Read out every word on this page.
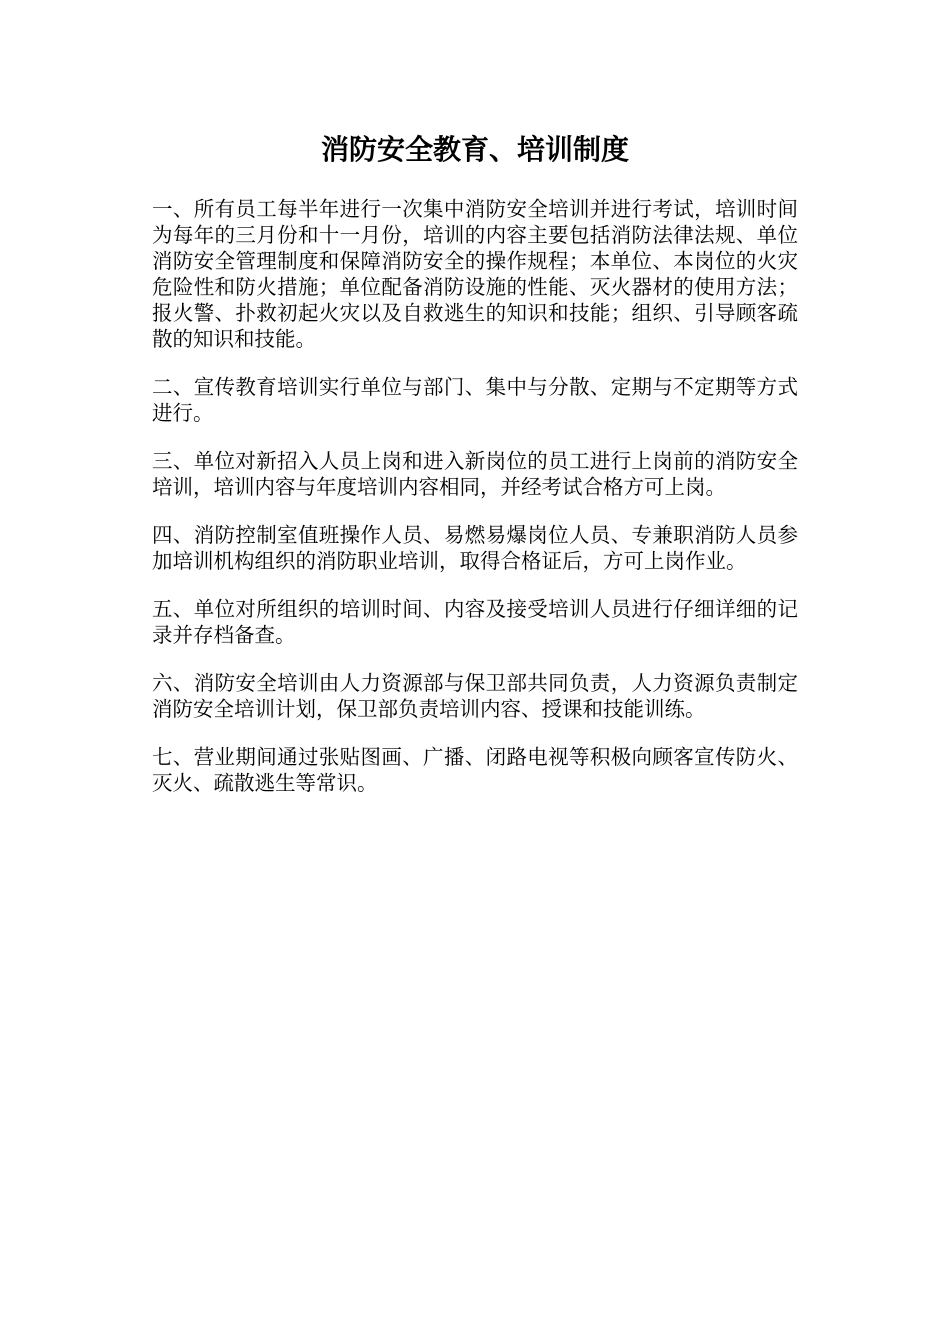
消防安全教育、培训制度

一、所有员工每半年进行一次集中消防安全培训并进行考试，培训时间为每年的三月份和十一月份，培训的内容主要包括消防法律法规、单位消防安全管理制度和保障消防安全的操作规程；本单位、本岗位的火灾危险性和防火措施；单位配备消防设施的性能、灭火器材的使用方法；报火警、扑救初起火灾以及自救逃生的知识和技能；组织、引导顾客疏散的知识和技能。

二、宣传教育培训实行单位与部门、集中与分散、定期与不定期等方式进行。

三、单位对新招入人员上岗和进入新岗位的员工进行上岗前的消防安全培训，培训内容与年度培训内容相同，并经考试合格方可上岗。

四、消防控制室值班操作人员、易燃易爆岗位人员、专兼职消防人员参加培训机构组织的消防职业培训，取得合格证后，方可上岗作业。

五、单位对所组织的培训时间、内容及接受培训人员进行仔细详细的记录并存档备查。

六、消防安全培训由人力资源部与保卫部共同负责，人力资源负责制定消防安全培训计划，保卫部负责培训内容、授课和技能训练。

七、营业期间通过张贴图画、广播、闭路电视等积极向顾客宣传防火、灭火、疏散逃生等常识。
